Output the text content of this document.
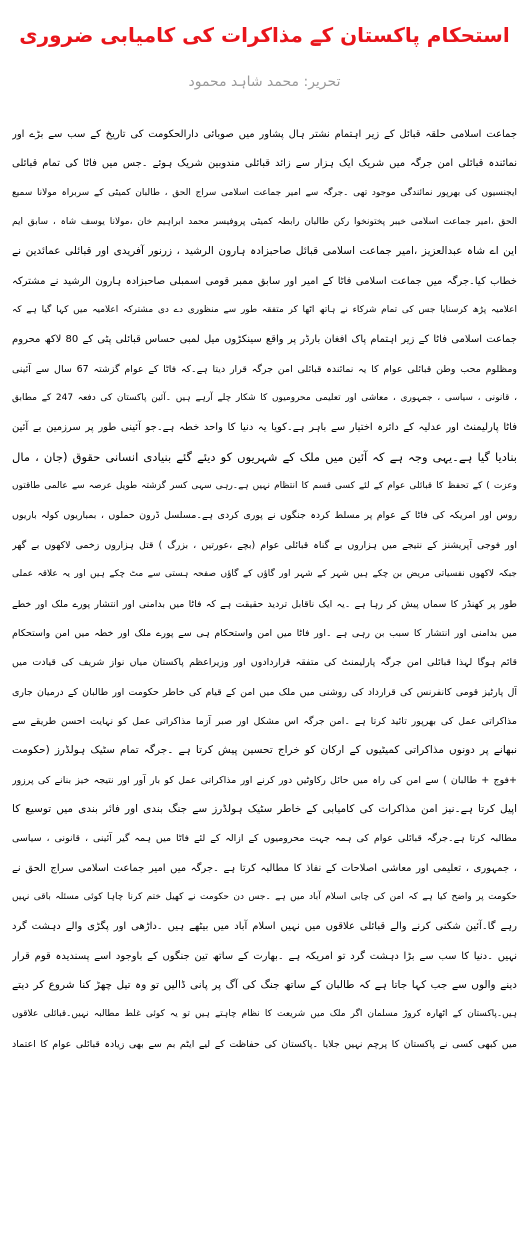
استحکام پاکستان کے مذاکرات کی کامیابی ضروری
تحریر: محمد شاہد محمود
جماعت اسلامی حلقہ قبائل کے زیر اہتمام نشتر ہال پشاور میں صوبائی دارالحکومت کی تاریخ کے سب سے بڑے اور
نمائندہ قبائلی امن جرگہ میں شریک ایک ہزار سے زائد قبائلی مندوبین شریک ہوئے ۔جس میں فاٹا کی تمام قبائلی
ایجنسیوں کی بھرپور نمائندگی موجود تھی ۔جرگہ سے امیر جماعت اسلامی سراج الحق ، طالبان کمیٹی کے سربراہ مولانا سمیع
الحق ،امیر جماعت اسلامی خیبر پختونخوا رکن طالبان رابطہ کمیٹی پروفیسر محمد ابراہیم خان ،مولانا یوسف شاہ ، سابق ایم
این اے شاہ عبدالعزیز ،امیر جماعت اسلامی قبائل صاحبزادہ ہارون الرشید ، زرنور آفریدی اور قبائلی عمائدین نے
خطاب کیا۔جرگہ میں جماعت اسلامی فاٹا کے امیر اور سابق ممبر قومی اسمبلی صاحبزادہ ہارون الرشید نے مشترکہ
اعلامیہ پڑھ کرسنایا جس کی تمام شرکاء نے ہاتھ اٹھا کر متفقہ طور سے منظوری دے دی مشترکہ اعلامیہ میں کہا گیا ہے کہ
جماعت اسلامی فاٹا کے زیر اہتمام پاک افغان بارڈر پر واقع سینکڑوں میل لمبی حساس قبائلی پٹی کے 80 لاکھ محروم
ومظلوم محب وطن قبائلی عوام کا یہ نمائندہ قبائلی امن جرگہ قرار دیتا ہے۔کہ فاٹا کے عوام گزشتہ 67 سال سے آئینی
، قانونی ، سیاسی ، جمہوری ، معاشی اور تعلیمی محرومیوں کا شکار چلے آرہے ہیں ۔آئین پاکستان کی دفعہ 247 کے مطابق
فاٹا پارلیمنٹ اور عدلیہ کے دائرہ اختیار سے باہر ہے۔کویا یہ دنیا کا واحد خطہ ہے۔جو آئینی طور پر سرزمین بے آئین
بنادیا گیا ہے۔یہی وجہ ہے کہ آئین میں ملک کے شہریوں کو دیئے گئے بنیادی انسانی حقوق (جان ، مال
وعزت ) کے تحفظ کا قبائلی عوام کے لئے کسی قسم کا انتظام نہیں ہے۔رہی سہی کسر گزشتہ طویل عرصہ سے عالمی طاقتوں
روس اور امریکہ کی فاٹا کے عوام پر مسلط کردہ جنگوں نے پوری کردی ہے۔مسلسل ڈرون حملوں ، بمباریوں کولہ باریوں
اور فوجی آپریشنز کے نتیجے میں ہزاروں بے گناہ قبائلی عوام (بچے ،عورتیں ، بزرگ ) قتل ہزاروں زخمی لاکھوں بے گھر
جبکہ لاکھوں نفسیاتی مریض بن چکے ہیں شہر کے شہر اور گاؤں کے گاؤں صفحہ ہستی سے مٹ چکے ہیں اور یہ علاقہ عملی
طور پر کھنڈر کا سماں پیش کر رہا ہے ۔یہ ایک ناقابل تردید حقیقت ہے کہ فاٹا میں بدامنی اور انتشار پورے ملک اور خطے
میں بدامنی اور انتشار کا سبب بن رہی ہے ۔اور فاٹا میں امن واستحکام ہی سے پورے ملک اور خطہ میں امن واستحکام
قائم ہوگا لہذا قبائلی امن جرگہ پارلیمنٹ کی متفقہ قراردادوں اور وزیراعظم پاکستان میاں نواز شریف کی قیادت میں
آل پارٹیز قومی کانفرنس کی قرارداد کی روشنی میں ملک میں امن کے قیام کی خاطر حکومت اور طالبان کے درمیان جاری
مذاکراتی عمل کی بھرپور تائید کرتا ہے ۔امن جرگہ اس مشکل اور صبر آزما مذاکراتی عمل کو نہایت احسن طریقے سے
نبھانے پر دونوں مذاکراتی کمیٹیوں کے ارکان کو خراج تحسین پیش کرتا ہے ۔جرگہ تمام سٹیک ہولڈرز (حکومت
+فوج + طالبان ) سے امن کی راہ میں حائل رکاوٹیں دور کرنے اور مذاکراتی عمل کو بار آور اور نتیجہ خیز بنانے کی پرزور
اپیل کرتا ہے۔نیز امن مذاکرات کی کامیابی کے خاطر سٹیک ہولڈرز سے جنگ بندی اور فائر بندی میں توسیع کا
مطالبہ کرتا ہے۔جرگہ قبائلی عوام کی ہمہ جہت محرومیوں کے ازالہ کے لئے فاٹا میں ہمہ گیر آئینی ، قانونی ، سیاسی
، جمہوری ، تعلیمی اور معاشی اصلاحات کے نفاذ کا مطالبہ کرتا ہے ۔جرگہ میں امیر جماعت اسلامی سراج الحق نے
حکومت پر واضح کیا ہے کہ امن کی چابی اسلام آباد میں ہے ۔جس دن حکومت نے کھیل ختم کرنا چاہا کوئی مسئلہ باقی نہیں
رہے گا۔آئین شکنی کرنے والے قبائلی علاقوں میں نہیں اسلام آباد میں بیٹھے ہیں ۔داڑھی اور پگڑی والے دہشت گرد
نہیں ۔دنیا کا سب سے بڑا دہشت گرد تو امریکہ ہے ۔بھارت کے ساتھ تین جنگوں کے باوجود اسے پسندیدہ قوم قرار
دینے والوں سے جب کہا جاتا ہے کہ طالبان کے ساتھ جنگ کی آگ پر پانی ڈالیں تو وہ تیل چھڑ کنا شروع کر دیتے
ہیں۔پاکستان کے اٹھارہ کروڑ مسلمان اگر ملک میں شریعت کا نظام چاہتے ہیں تو یہ کوئی غلط مطالبہ نہیں۔قبائلی علاقوں
میں کبھی کسی نے پاکستان کا پرچم نہیں جلایا ۔پاکستان کی حفاظت کے لیے ایٹم بم سے بھی زیادہ قبائلی عوام کا اعتماد
